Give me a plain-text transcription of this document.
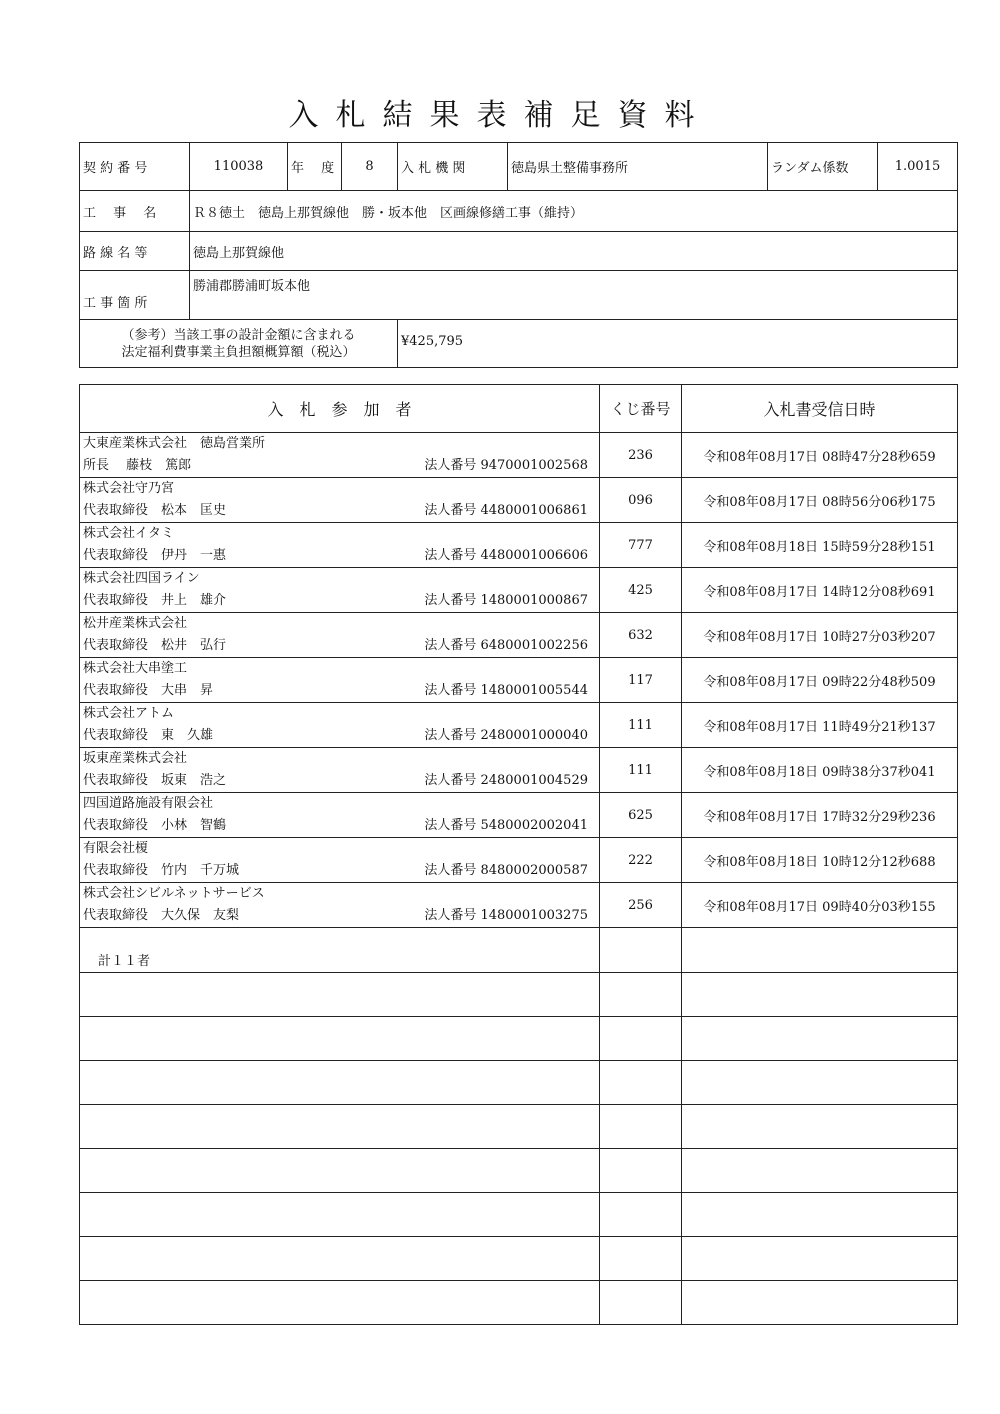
入札結果表補足資料
契 約 番 号	110038	年　 度	8	入 札 機 関	徳島県土整備事務所	ランダム係数	1.0015
工　 事　 名	Ｒ８徳土　徳島上那賀線他　勝・坂本他　区画線修繕工事（維持）						
路 線 名 等	徳島上那賀線他						
工 事 箇 所	勝浦郡勝浦町坂本他						

（参考）当該工事の設計金額に含まれる
法定福利費事業主負担額概算額（税込）				¥425,795			
入　札　参　加　者	くじ番号	入札書受信日時

大東産業株式会社　徳島営業所
所長　 藤枝　篤郎 法人番号 9470001002568	236	令和08年08月17日 08時47分28秒659

株式会社守乃宮
代表取締役　松本　匡史 法人番号 4480001006861	096	令和08年08月17日 08時56分06秒175

株式会社イタミ
代表取締役　伊丹　一惠 法人番号 4480001006606	777	令和08年08月18日 15時59分28秒151

株式会社四国ライン
代表取締役　井上　雄介 法人番号 1480001000867	425	令和08年08月17日 14時12分08秒691

松井産業株式会社
代表取締役　松井　弘行 法人番号 6480001002256	632	令和08年08月17日 10時27分03秒207

株式会社大串塗工
代表取締役　大串　昇 法人番号 1480001005544	117	令和08年08月17日 09時22分48秒509

株式会社アトム
代表取締役　東　久雄 法人番号 2480001000040	111	令和08年08月17日 11時49分21秒137

坂東産業株式会社
代表取締役　坂東　浩之 法人番号 2480001004529	111	令和08年08月18日 09時38分37秒041

四国道路施設有限会社
代表取締役　小林　智鶴 法人番号 5480002002041	625	令和08年08月17日 17時32分29秒236

有限会社榎
代表取締役　竹内　千万城 法人番号 8480002000587	222	令和08年08月18日 10時12分12秒688

株式会社シビルネットサービス
代表取締役　大久保　友梨 法人番号 1480001003275	256	令和08年08月17日 09時40分03秒155
計１１者		
